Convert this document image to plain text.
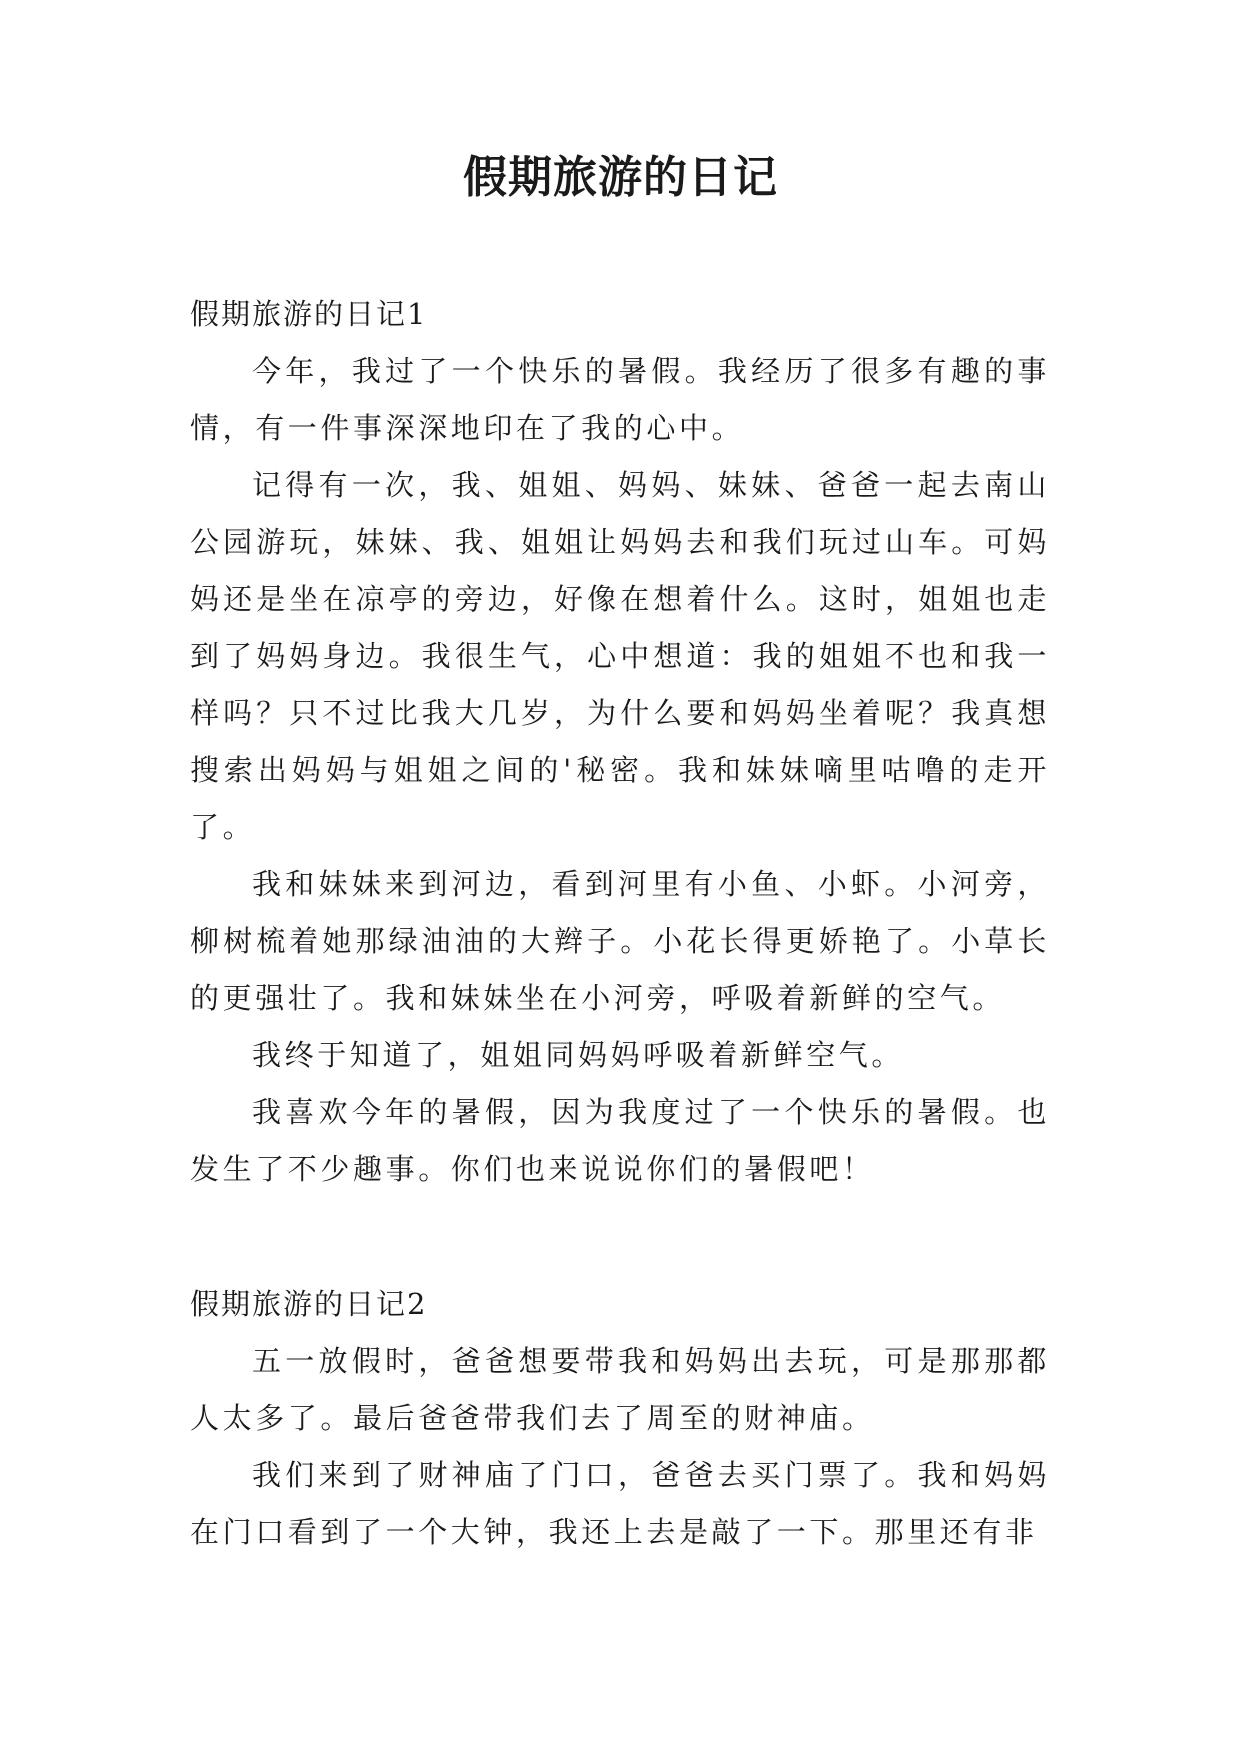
假期旅游的日记

假期旅游的日记1

今年，我过了一个快乐的暑假。我经历了很多有趣的事情，有一件事深深地印在了我的心中。

记得有一次，我、姐姐、妈妈、妹妹、爸爸一起去南山公园游玩，妹妹、我、姐姐让妈妈去和我们玩过山车。可妈妈还是坐在凉亭的旁边，好像在想着什么。这时，姐姐也走到了妈妈身边。我很生气，心中想道：我的姐姐不也和我一样吗？只不过比我大几岁，为什么要和妈妈坐着呢？我真想搜索出妈妈与姐姐之间的'秘密。我和妹妹嘀里咕噜的走开了。

我和妹妹来到河边，看到河里有小鱼、小虾。小河旁，柳树梳着她那绿油油的大辫子。小花长得更娇艳了。小草长的更强壮了。我和妹妹坐在小河旁，呼吸着新鲜的空气。

我终于知道了，姐姐同妈妈呼吸着新鲜空气。

我喜欢今年的暑假，因为我度过了一个快乐的暑假。也发生了不少趣事。你们也来说说你们的暑假吧！

假期旅游的日记2

五一放假时，爸爸想要带我和妈妈出去玩，可是那那都人太多了。最后爸爸带我们去了周至的财神庙。

我们来到了财神庙了门口，爸爸去买门票了。我和妈妈在门口看到了一个大钟，我还上去是敲了一下。那里还有非
